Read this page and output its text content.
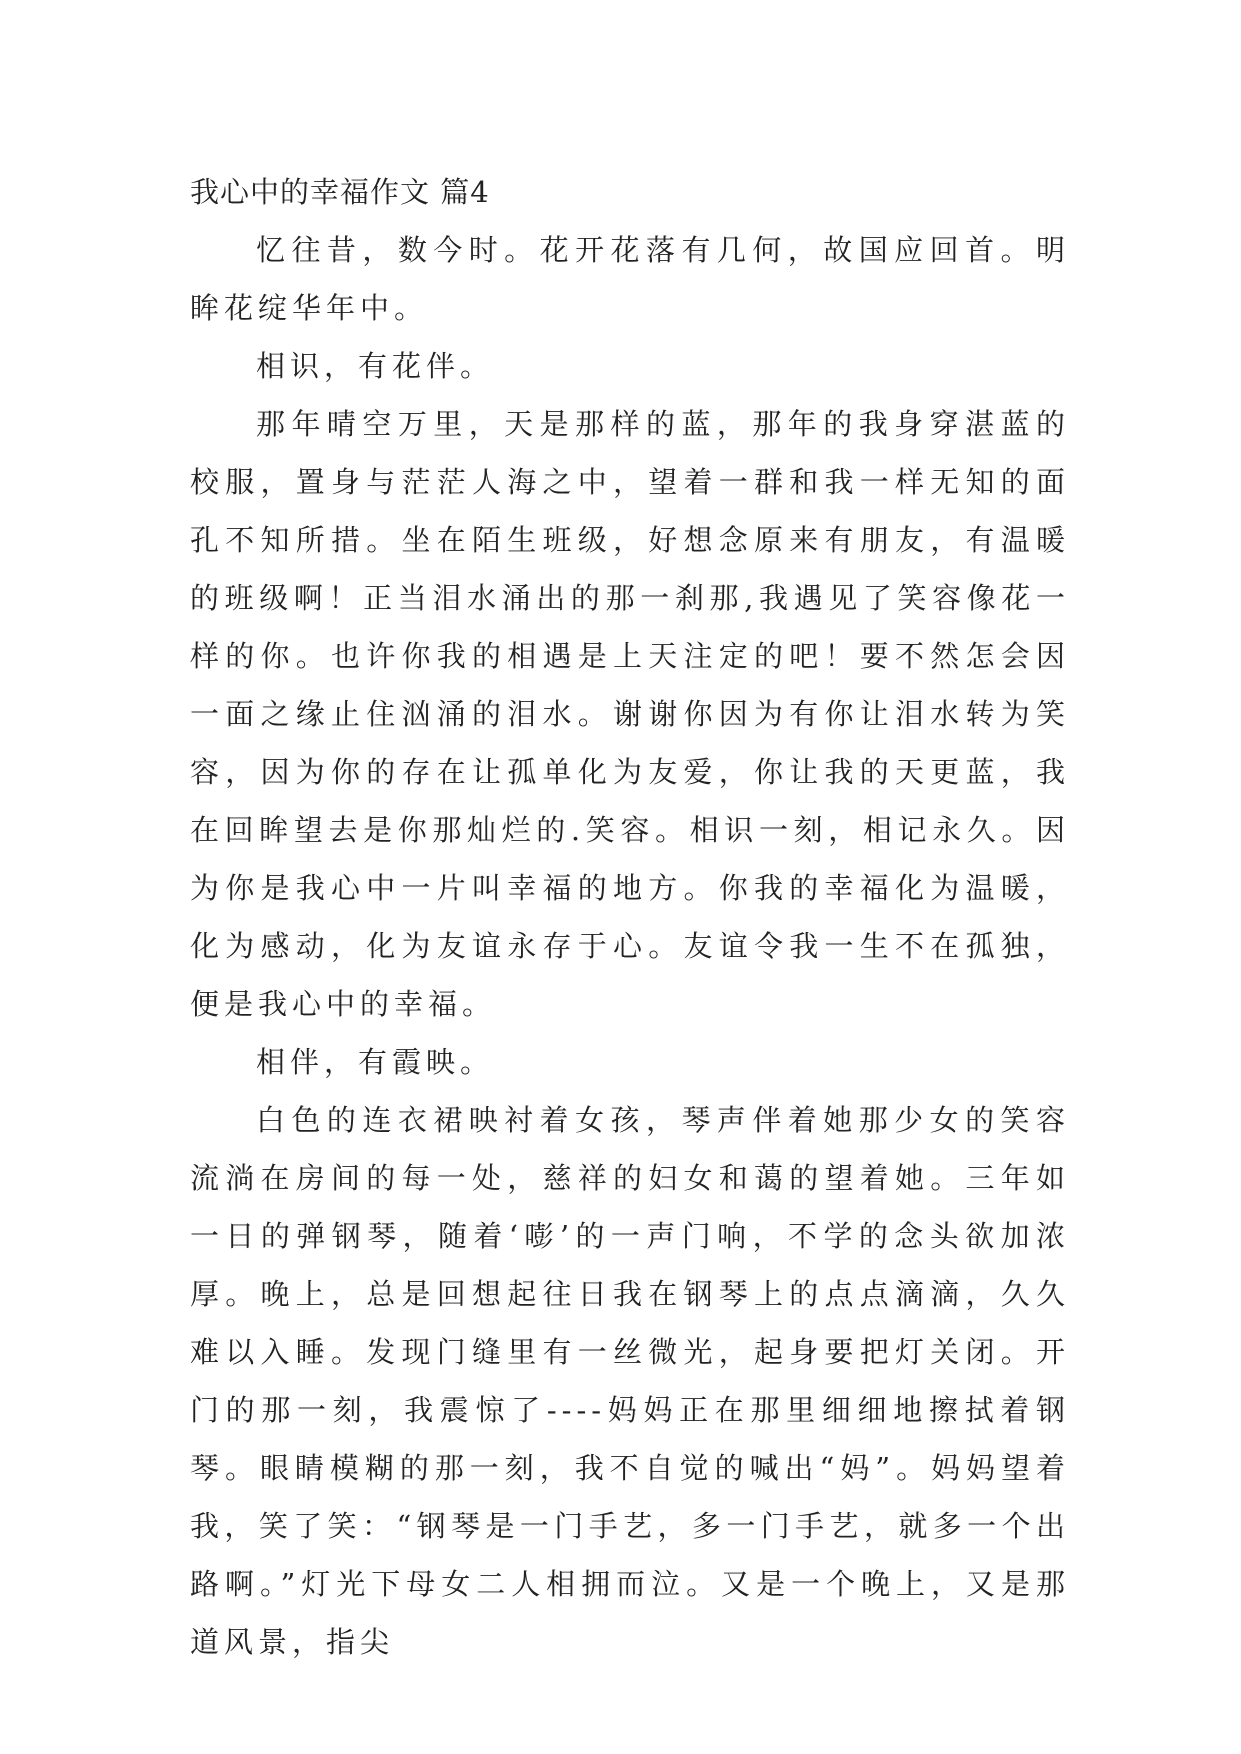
我心中的幸福作文 篇4

忆往昔，数今时。花开花落有几何，故国应回首。明眸花绽华年中。

相识，有花伴。

那年晴空万里，天是那样的蓝，那年的我身穿湛蓝的校服，置身与茫茫人海之中，望着一群和我一样无知的面孔不知所措。坐在陌生班级，好想念原来有朋友，有温暖的班级啊！正当泪水涌出的那一刹那,我遇见了笑容像花一样的你。也许你我的相遇是上天注定的吧！要不然怎会因一面之缘止住汹涌的泪水。谢谢你因为有你让泪水转为笑容，因为你的存在让孤单化为友爱，你让我的天更蓝，我在回眸望去是你那灿烂的.笑容。相识一刻，相记永久。因为你是我心中一片叫幸福的地方。你我的幸福化为温暖，化为感动，化为友谊永存于心。友谊令我一生不在孤独，便是我心中的幸福。

相伴，有霞映。

白色的连衣裙映衬着女孩，琴声伴着她那少女的笑容流淌在房间的每一处，慈祥的妇女和蔼的望着她。三年如一日的弹钢琴，随着‘嘭’的一声门响，不学的念头欲加浓厚。晚上，总是回想起往日我在钢琴上的点点滴滴，久久难以入睡。发现门缝里有一丝微光，起身要把灯关闭。开门的那一刻，我震惊了----妈妈正在那里细细地擦拭着钢琴。眼睛模糊的那一刻，我不自觉的喊出“妈”。妈妈望着我，笑了笑：“钢琴是一门手艺，多一门手艺，就多一个出路啊。”灯光下母女二人相拥而泣。又是一个晚上，又是那道风景，指尖
